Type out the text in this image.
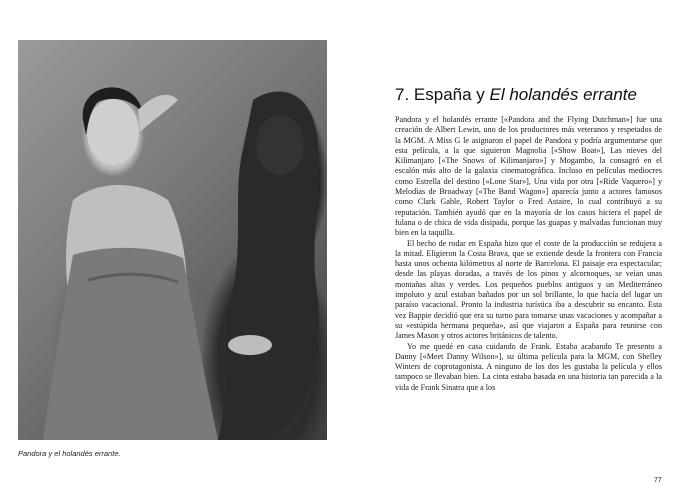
Pandora y el holandés errante.
7. España y El holandés errante

Pandora y el holandés errante [«Pandora and the Flying Dutchman»] fue una creación de Albert Lewin, uno de los productores más veteranos y respetados de la MGM. A Miss G le asignaron el papel de Pandora y podría argumentarse que esta película, a la que siguieron Magnolia [«Show Boat»], Las nieves del Kilimanjaro [«The Snows of Kilimanjaro»] y Mogambo, la consagró en el escalón más alto de la galaxia cinematográfica. Incluso en películas mediocres como Estrella del destino [«Lone Star»], Una vida por otra [«Ride Vaquero»] y Melodías de Broadway [«The Band Wagon»] aparecía junto a actores famosos como Clark Gable, Robert Taylor o Fred Astaire, lo cual contribuyó a su reputación. También ayudó que en la mayoría de los casos hiciera el papel de fulana o de chica de vida disipada, porque las guapas y malvadas funcionan muy bien en la taquilla.

El hecho de rodar en España hizo que el coste de la producción se redujera a la mitad. Eligieron la Costa Brava, que se extiende desde la frontera con Francia hasta unos ochenta kilómetros al norte de Barcelona. El paisaje era espectacular; desde las playas doradas, a través de los pinos y alcornoques, se veían unas montañas altas y verdes. Los pequeños pueblos antiguos y un Mediterráneo impoluto y azul estaban bañados por un sol brillante, lo que hacía del lugar un paraíso vacacional. Pronto la industria turística iba a descubrir su encanto. Esta vez Bappie decidió que era su turno para tomarse unas vacaciones y acompañar a su «estúpida hermana pequeña», así que viajaron a España para reunirse con James Mason y otros actores británicos de talento.

Yo me quedé en casa cuidando de Frank. Estaba acabando Te presento a Danny [«Meet Danny Wilson»], su última película para la MGM, con Shelley Winters de coprotagonista. A ninguno de los dos les gustaba la película y ellos tampoco se llevaban bien. La cinta estaba basada en una historia tan parecida a la vida de Frank Sinatra que a los

77
